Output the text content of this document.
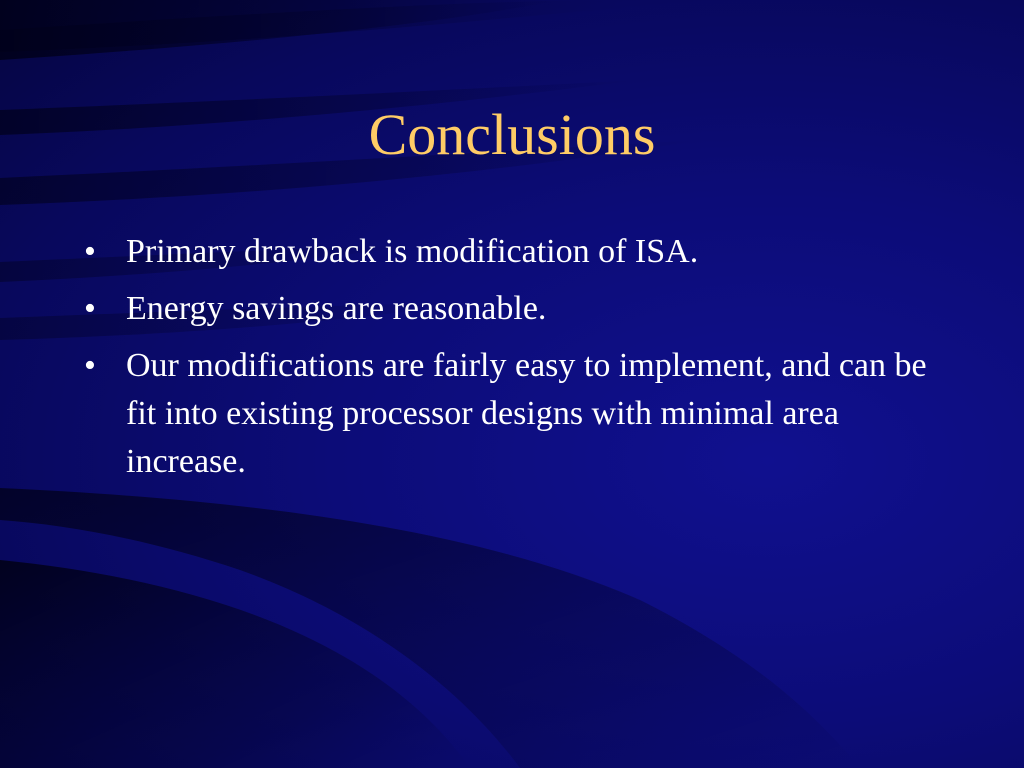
Conclusions
• Primary drawback is modification of ISA.
• Energy savings are reasonable.
• Our modifications are fairly easy to implement, and can be fit into existing processor designs with minimal area increase.
